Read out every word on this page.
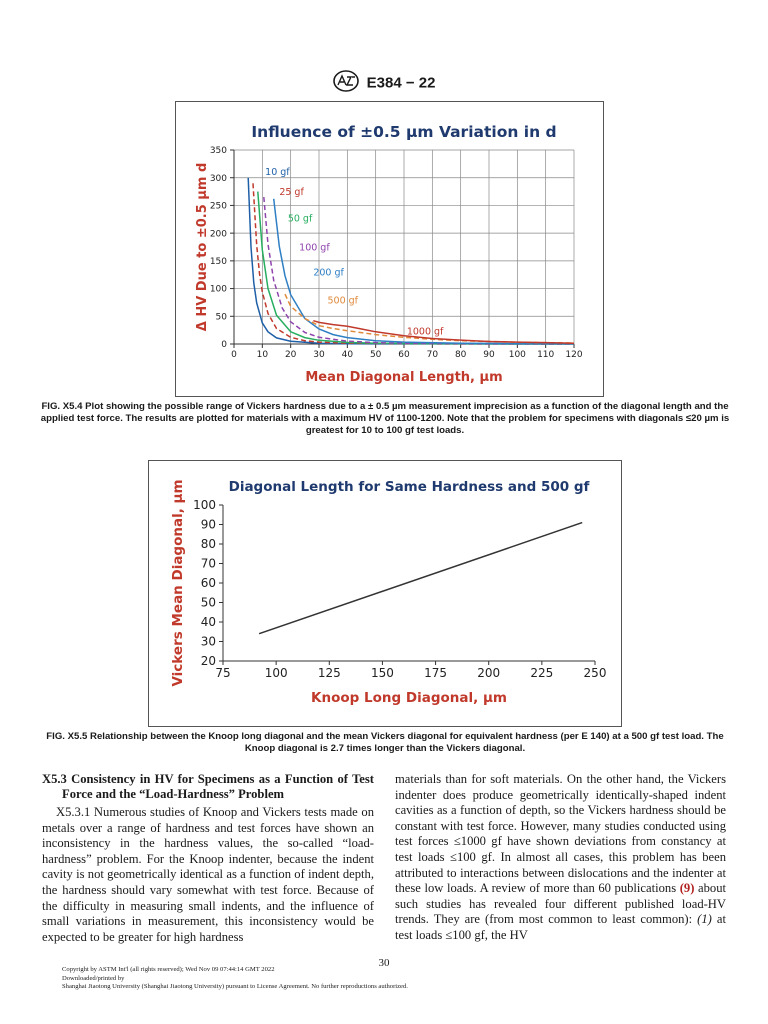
E384 − 22
0 10 20 30 40 50 60 70 80 90 100 110 120
0
50
100
150
200
250
300
350
Influence of ±0.5 µm Variation in d
Mean Diagonal Length, µm
Δ HV Due to ±0.5 µm d	10 gf
25 gf
50 gf
100 gf
200 gf
500 gf
1000 gf
FIG. X5.4 Plot showing the possible range of Vickers hardness due to a ± 0.5 µm measurement imprecision as a function of the diagonal length and the applied test force. The results are plotted for materials with a maximum HV of 1100-1200. Note that the problem for specimens with diagonals ≤20 µm is greatest for 10 to 100 gf test loads.
75	100	125	150	175	200	225	250
20
30
40
50
60
70
80
90
100
Diagonal Length for Same Hardness and 500 gf
Knoop Long Diagonal, µm
Vickers Mean Diagonal, µm
FIG. X5.5 Relationship between the Knoop long diagonal and the mean Vickers diagonal for equivalent hardness (per E 140) at a 500 gf test load. The Knoop diagonal is 2.7 times longer than the Vickers diagonal.
X5.3 Consistency in HV for Specimens as a Function of Test Force and the “Load-Hardness” Problem
X5.3.1 Numerous studies of Knoop and Vickers tests made on metals over a range of hardness and test forces have shown an inconsistency in the hardness values, the so-called “load-hardness” problem. For the Knoop indenter, because the indent cavity is not geometrically identical as a function of indent depth, the hardness should vary somewhat with test force. Because of the difficulty in measuring small indents, and the influence of small variations in measurement, this inconsistency would be expected to be greater for high hardness
materials than for soft materials. On the other hand, the Vickers indenter does produce geometrically identically-shaped indent cavities as a function of depth, so the Vickers hardness should be constant with test force. However, many studies conducted using test forces ≤1000 gf have shown deviations from constancy at test loads ≤100 gf. In almost all cases, this problem has been attributed to interactions between dislocations and the indenter at these low loads. A review of more than 60 publications (9) about such studies has revealed four different published load-HV trends. They are (from most common to least common): (1) at test loads ≤100 gf, the HV
30
Copyright by ASTM Int'l (all rights reserved); Wed Nov 09 07:44:14 GMT 2022
Downloaded/printed by
Shanghai Jiaotong University (Shanghai Jiaotong University) pursuant to License Agreement. No further reproductions authorized.
